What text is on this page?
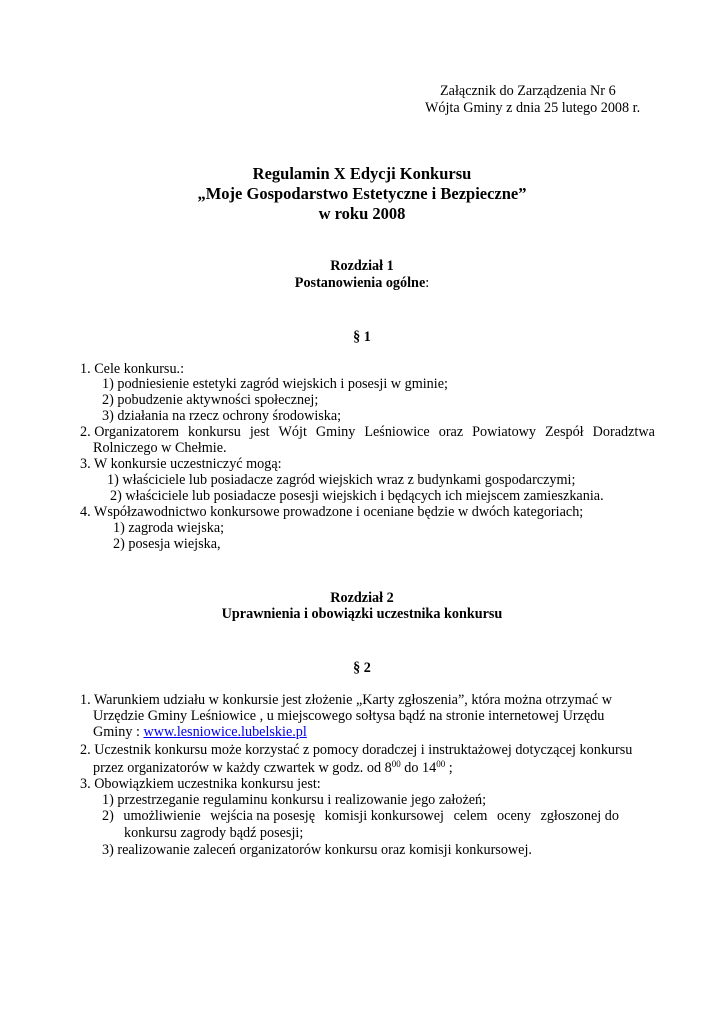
Załącznik do Zarządzenia Nr 6
Wójta Gminy z dnia 25 lutego 2008 r.
Regulamin X Edycji Konkursu
„Moje Gospodarstwo Estetyczne i Bezpieczne”
w roku 2008
Rozdział 1
Postanowienia ogólne:
§ 1
1. Cele konkursu.:
1) podniesienie estetyki zagród wiejskich i posesji w gminie;
2) pobudzenie aktywności społecznej;
3) działania na rzecz ochrony środowiska;
2. Organizatorem konkursu jest Wójt Gminy Leśniowice oraz Powiatowy Zespół Doradztwa
Rolniczego w Chełmie.
3. W konkursie uczestniczyć mogą:
1) właściciele lub posiadacze zagród wiejskich wraz z budynkami gospodarczymi;
2) właściciele lub posiadacze posesji wiejskich i będących ich miejscem zamieszkania.
4. Współzawodnictwo konkursowe prowadzone i oceniane będzie w dwóch kategoriach;
1) zagroda wiejska;
2) posesja wiejska,
Rozdział 2
Uprawnienia i obowiązki uczestnika konkursu
§ 2
1. Warunkiem udziału w konkursie jest złożenie „Karty zgłoszenia”, która można otrzymać w
Urzędzie Gminy Leśniowice , u miejscowego sołtysa bądź na stronie internetowej Urzędu
Gminy : www.lesniowice.lubelskie.pl
2. Uczestnik konkursu może korzystać z pomocy doradczej i instruktażowej dotyczącej konkursu
przez organizatorów w każdy czwartek w godz. od $8^{00}$ do $14^{00}$ ;
3. Obowiązkiem uczestnika konkursu jest:
1) przestrzeganie regulaminu konkursu i realizowanie jego założeń;
2) umożliwienie wejścia na posesję komisji konkursowej celem oceny zgłoszonej do
konkursu zagrody bądź posesji;
3) realizowanie zaleceń organizatorów konkursu oraz komisji konkursowej.
